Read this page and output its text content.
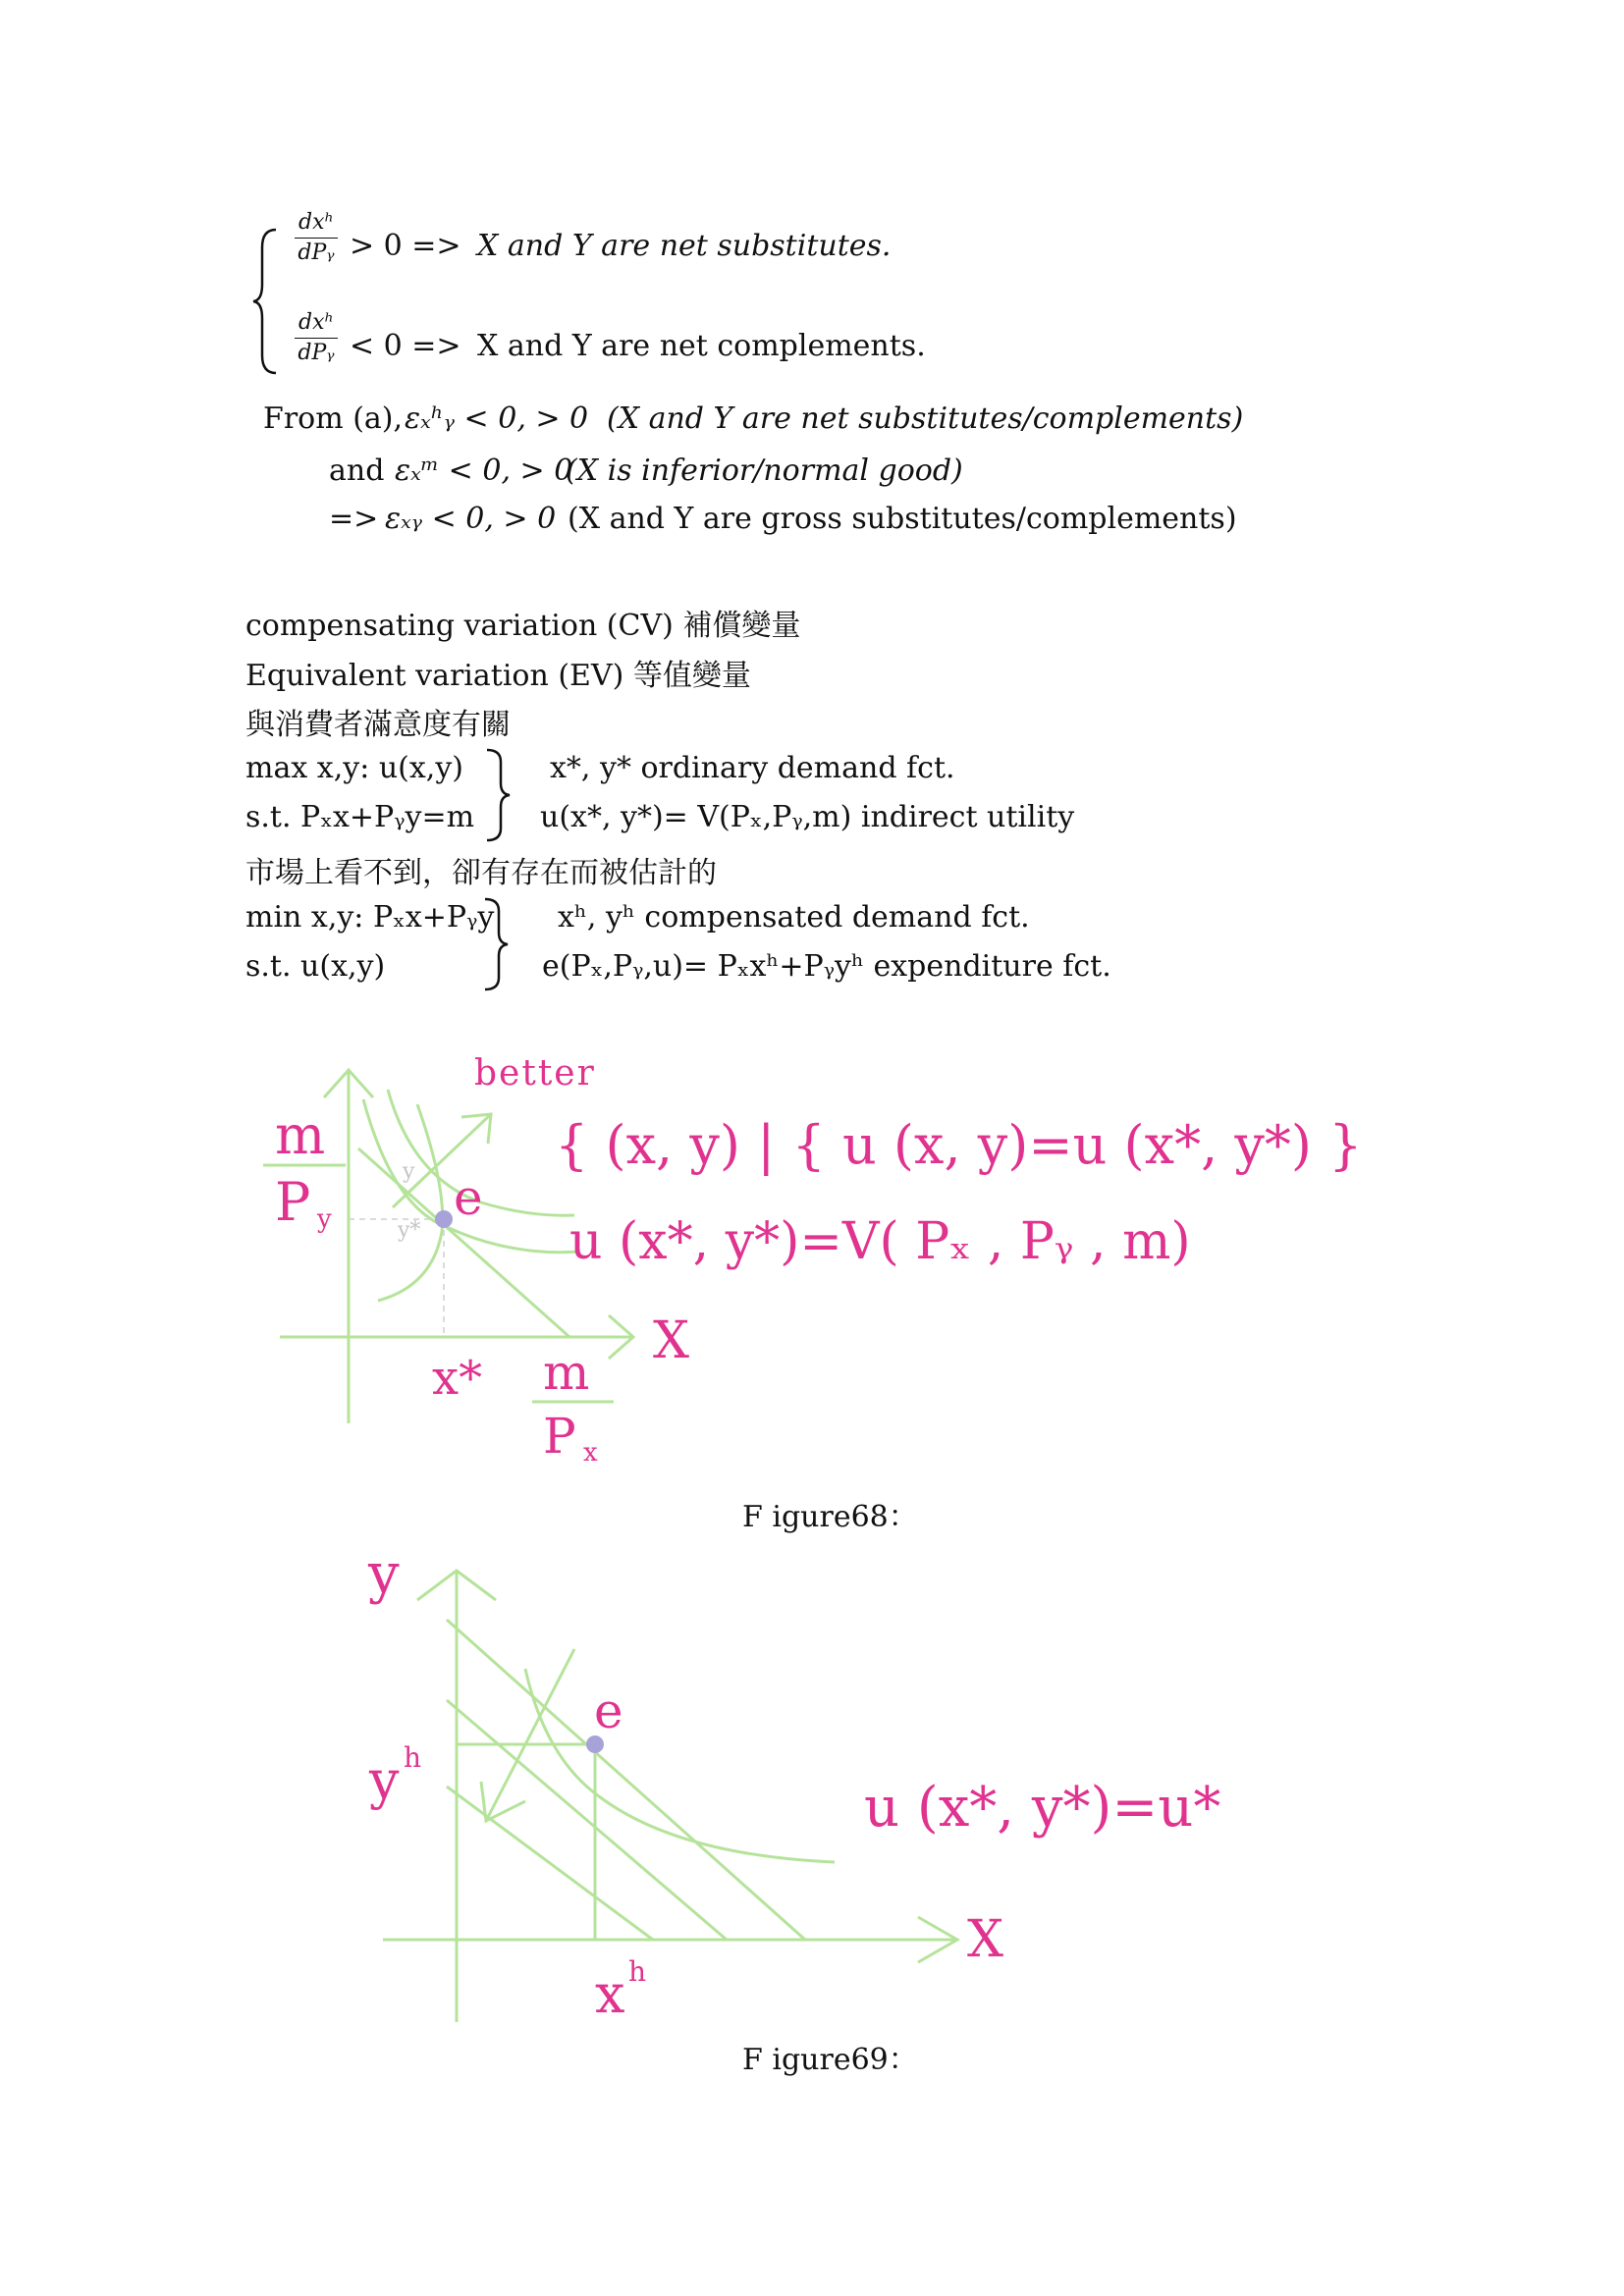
dxʰ
dPᵧ > 0 => X and Y are net substitutes.
dxʰ
dPᵧ < 0 => X and Y are net complements.
From (a), εₓʰᵧ < 0, > 0 (X and Y are net substitutes/complements)
and εₓᵐ < 0, > 0
(X is inferior/normal good)
=> εₓᵧ < 0, > 0 (X and Y are gross substitutes/complements)
compensating variation (CV) 補償變量
Equivalent variation (EV) 等值變量
與消費者滿意度有關
max x,y: u(x,y)
s.t. Pₓx+Pᵧy=m
x*, y* ordinary demand fct.
u(x*, y*)= V(Pₓ,Pᵧ,m) indirect utility
市場上看不到，卻有存在而被估計的
min x,y: Pₓx+Pᵧy
s.t. u(x,y)
xʰ, yʰ compensated demand fct.
e(Pₓ,Pᵧ,u)= Pₓxʰ+Pᵧyʰ expenditure fct.
better
{ (x, y) | { u (x, y)=u (x*, y*) }
u (x*, y*)=V( Pₓ , Pᵧ , m)
m
P y e
y
y*
x* m
P x
X
F igure68：
y
e
y h
u (x*, y*)=u*
X
x h
F igure69：
